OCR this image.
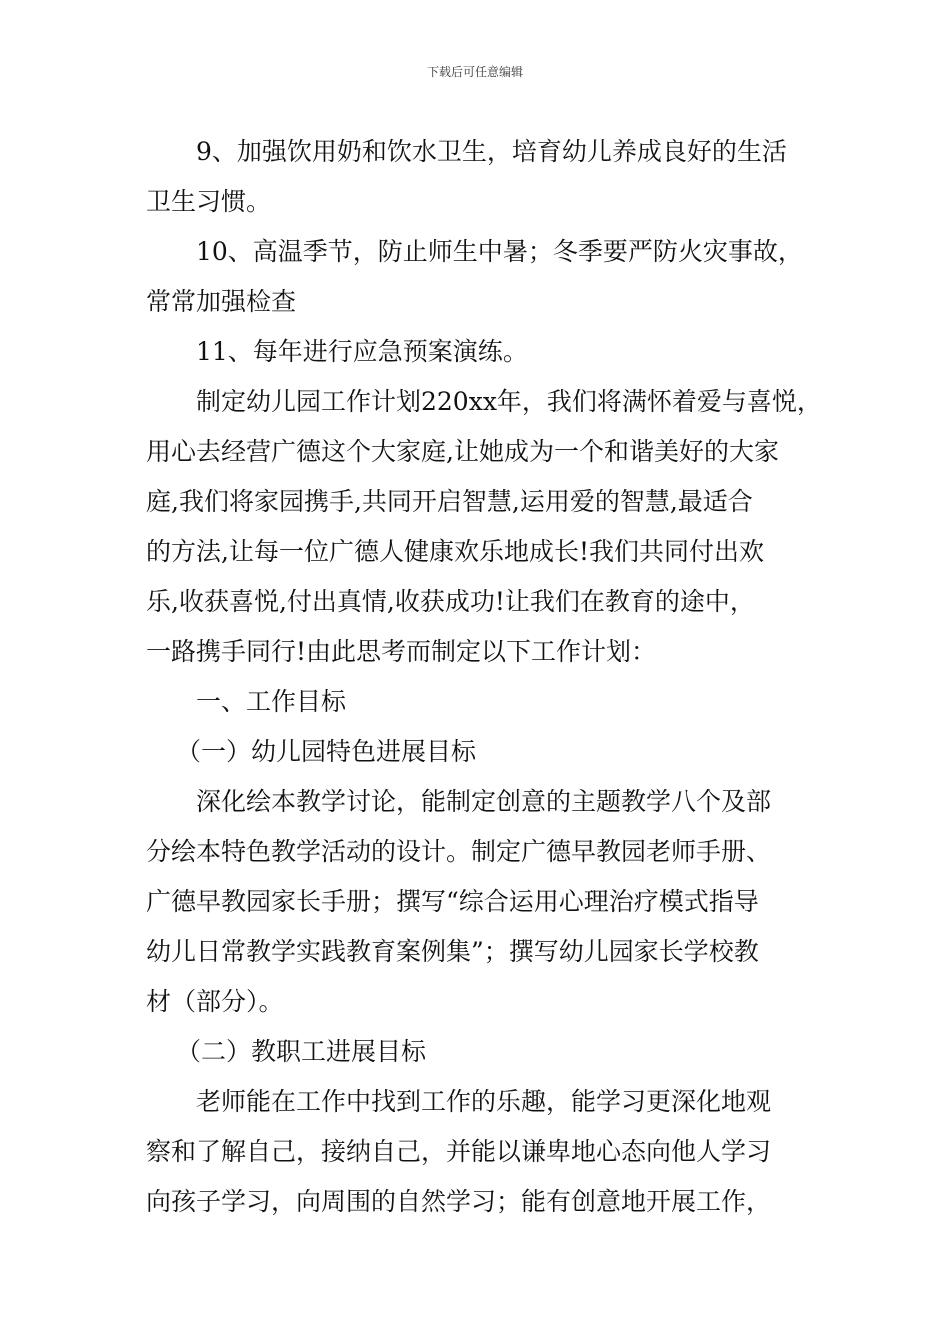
下载后可任意编辑
9、加强饮用奶和饮水卫生，培育幼儿养成良好的生活
卫生习惯。
10、高温季节，防止师生中暑；冬季要严防火灾事故，
常常加强检查
11、每年进行应急预案演练。
制定幼儿园工作计划220xx年，我们将满怀着爱与喜悦，
用心去经营广德这个大家庭,让她成为一个和谐美好的大家
庭,我们将家园携手,共同开启智慧,运用爱的智慧,最适合
的方法,让每一位广德人健康欢乐地成长!我们共同付出欢
乐,收获喜悦,付出真情,收获成功!让我们在教育的途中，
一路携手同行!由此思考而制定以下工作计划：
一、工作目标
（一）幼儿园特色进展目标
深化绘本教学讨论，能制定创意的主题教学八个及部
分绘本特色教学活动的设计。制定广德早教园老师手册、
广德早教园家长手册；撰写“综合运用心理治疗模式指导
幼儿日常教学实践教育案例集”；撰写幼儿园家长学校教
材（部分）。
（二）教职工进展目标
老师能在工作中找到工作的乐趣，能学习更深化地观
察和了解自己，接纳自己，并能以谦卑地心态向他人学习
向孩子学习，向周围的自然学习；能有创意地开展工作，
